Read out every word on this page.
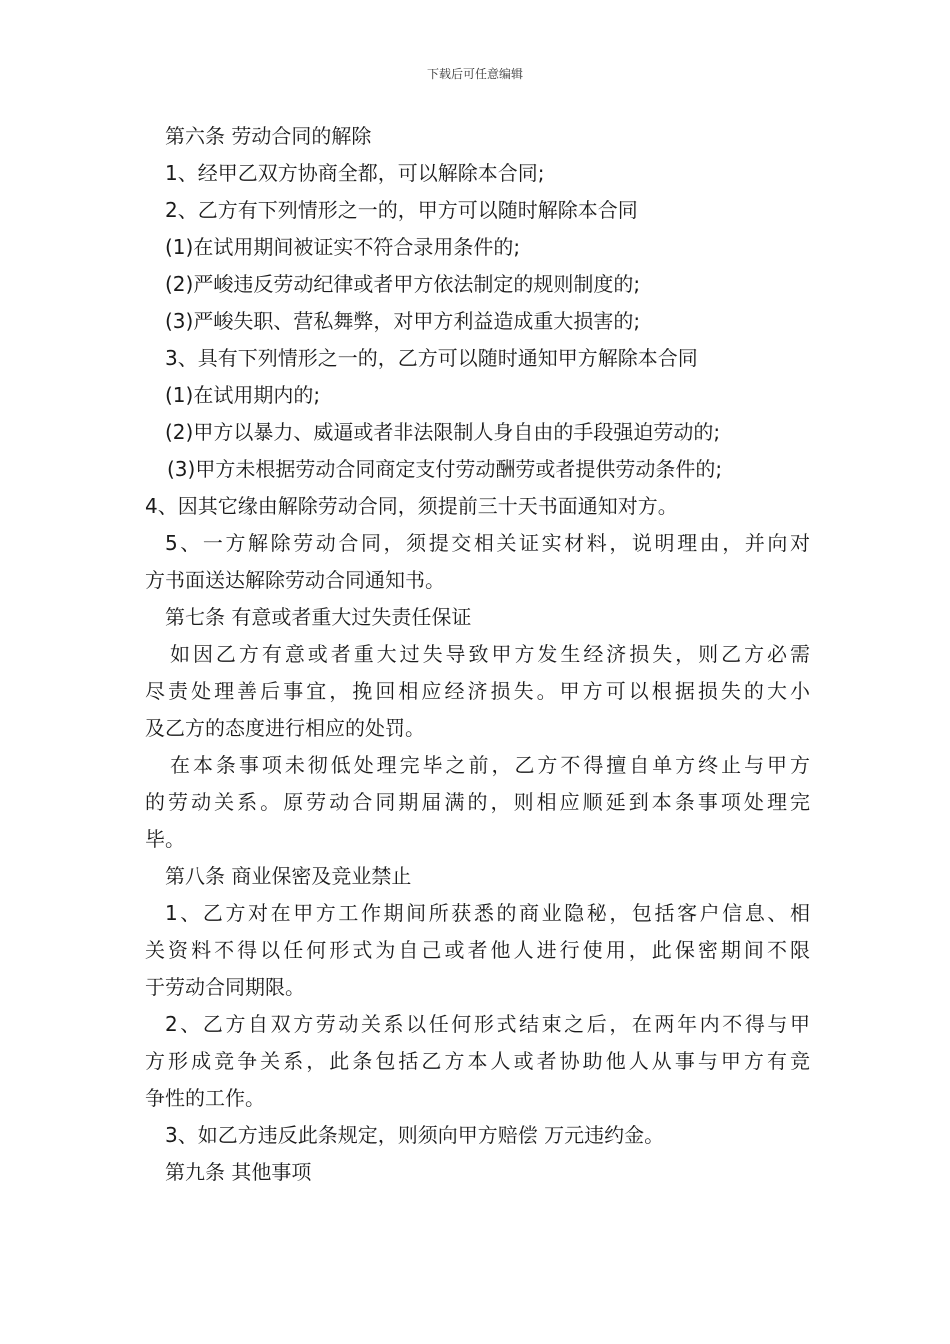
下载后可任意编辑
第六条 劳动合同的解除
1、经甲乙双方协商全都，可以解除本合同;
2、乙方有下列情形之一的，甲方可以随时解除本合同
(1)在试用期间被证实不符合录用条件的;
(2)严峻违反劳动纪律或者甲方依法制定的规则制度的;
(3)严峻失职、营私舞弊，对甲方利益造成重大损害的;
3、具有下列情形之一的，乙方可以随时通知甲方解除本合同
(1)在试用期内的;
(2)甲方以暴力、威逼或者非法限制人身自由的手段强迫劳动的;
(3)甲方未根据劳动合同商定支付劳动酬劳或者提供劳动条件的;
4、因其它缘由解除劳动合同，须提前三十天书面通知对方。
5、一方解除劳动合同，须提交相关证实材料，说明理由，并向对
方书面送达解除劳动合同通知书。
第七条 有意或者重大过失责任保证
如因乙方有意或者重大过失导致甲方发生经济损失，则乙方必需
尽责处理善后事宜，挽回相应经济损失。甲方可以根据损失的大小
及乙方的态度进行相应的处罚。
在本条事项未彻低处理完毕之前，乙方不得擅自单方终止与甲方
的劳动关系。原劳动合同期届满的，则相应顺延到本条事项处理完
毕。
第八条 商业保密及竞业禁止
1、乙方对在甲方工作期间所获悉的商业隐秘，包括客户信息、相
关资料不得以任何形式为自己或者他人进行使用，此保密期间不限
于劳动合同期限。
2、乙方自双方劳动关系以任何形式结束之后，在两年内不得与甲
方形成竞争关系，此条包括乙方本人或者协助他人从事与甲方有竞
争性的工作。
3、如乙方违反此条规定，则须向甲方赔偿 万元违约金。
第九条 其他事项
